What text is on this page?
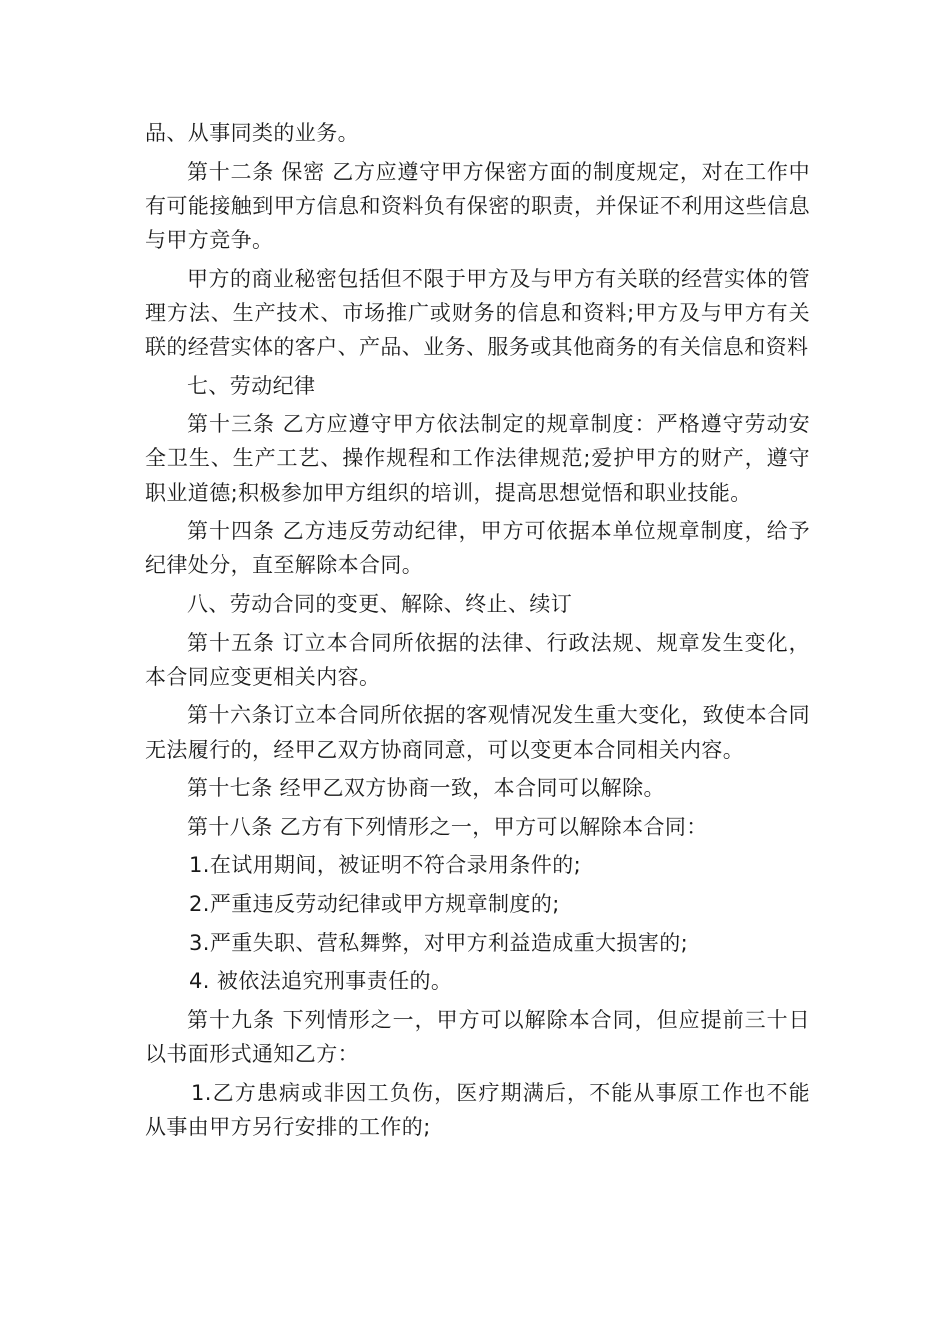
品、从事同类的业务。

第十二条 保密 乙方应遵守甲方保密方面的制度规定，对在工作中有可能接触到甲方信息和资料负有保密的职责，并保证不利用这些信息与甲方竞争。

甲方的商业秘密包括但不限于甲方及与甲方有关联的经营实体的管理方法、生产技术、市场推广或财务的信息和资料;甲方及与甲方有关联的经营实体的客户、产品、业务、服务或其他商务的有关信息和资料

七、劳动纪律

第十三条 乙方应遵守甲方依法制定的规章制度：严格遵守劳动安全卫生、生产工艺、操作规程和工作法律规范;爱护甲方的财产，遵守职业道德;积极参加甲方组织的培训，提高思想觉悟和职业技能。

第十四条 乙方违反劳动纪律，甲方可依据本单位规章制度，给予纪律处分，直至解除本合同。

八、劳动合同的变更、解除、终止、续订

第十五条 订立本合同所依据的法律、行政法规、规章发生变化，本合同应变更相关内容。

第十六条订立本合同所依据的客观情况发生重大变化，致使本合同无法履行的，经甲乙双方协商同意，可以变更本合同相关内容。

第十七条 经甲乙双方协商一致，本合同可以解除。

第十八条 乙方有下列情形之一，甲方可以解除本合同：

1.在试用期间，被证明不符合录用条件的;

2.严重违反劳动纪律或甲方规章制度的;

3.严重失职、营私舞弊，对甲方利益造成重大损害的;

4. 被依法追究刑事责任的。

第十九条 下列情形之一，甲方可以解除本合同，但应提前三十日以书面形式通知乙方：

1.乙方患病或非因工负伤，医疗期满后，不能从事原工作也不能从事由甲方另行安排的工作的;
